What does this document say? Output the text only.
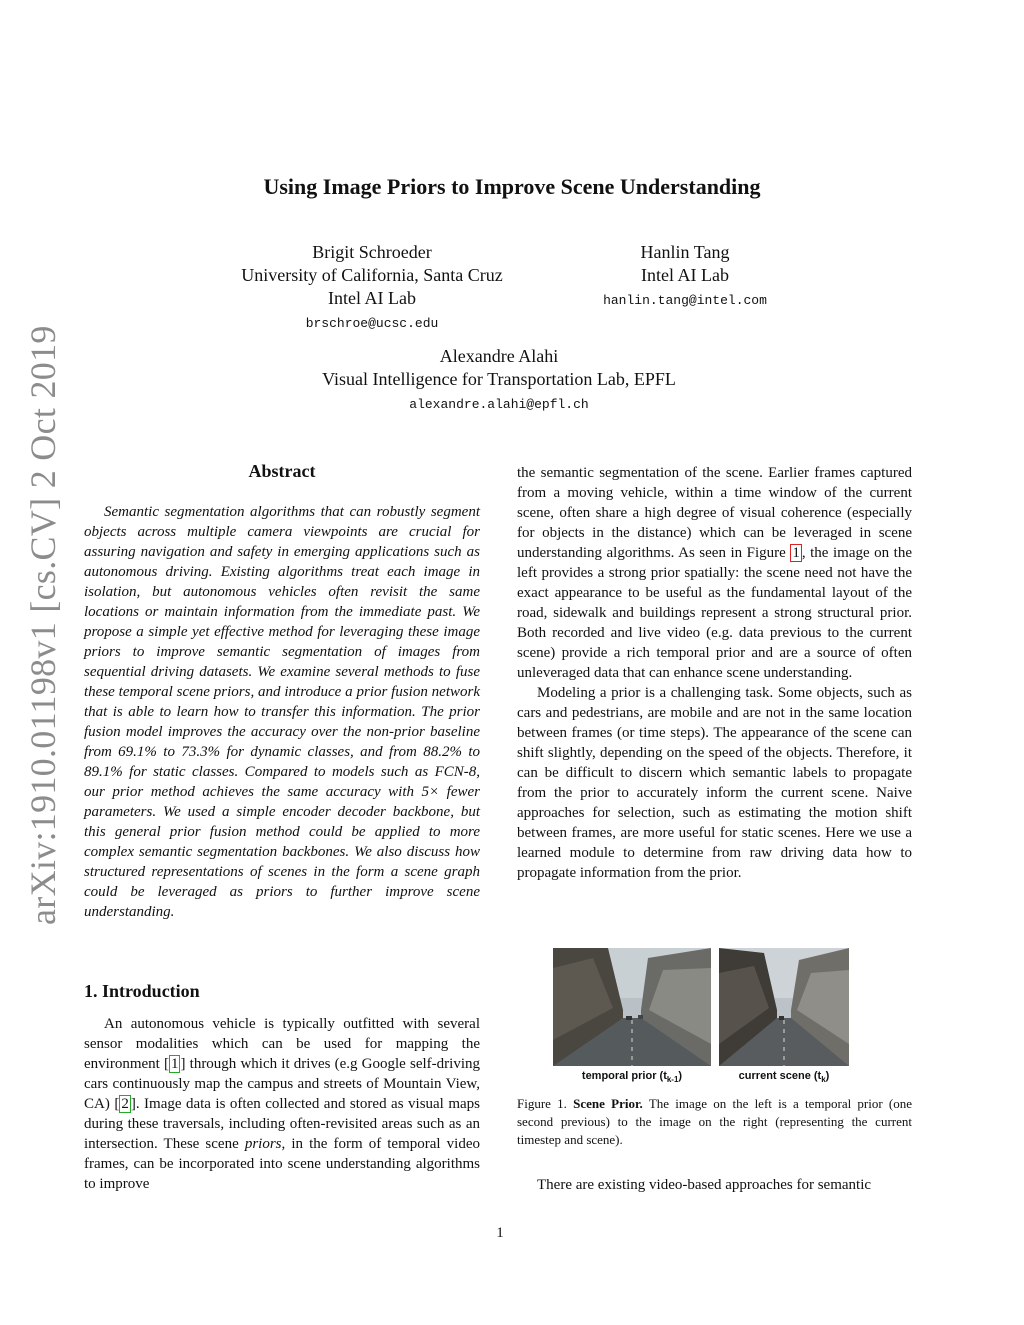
Using Image Priors to Improve Scene Understanding
Brigit Schroeder
University of California, Santa Cruz
Intel AI Lab
brschroe@ucsc.edu
Hanlin Tang
Intel AI Lab
hanlin.tang@intel.com
Alexandre Alahi
Visual Intelligence for Transportation Lab, EPFL
alexandre.alahi@epfl.ch
arXiv:1910.01198v1 [cs.CV] 2 Oct 2019	Abstract

Semantic segmentation algorithms that can robustly segment objects across multiple camera viewpoints are crucial for assuring navigation and safety in emerging applications such as autonomous driving. Existing algorithms treat each image in isolation, but autonomous vehicles often revisit the same locations or maintain information from the immediate past. We propose a simple yet effective method for leveraging these image priors to improve semantic segmentation of images from sequential driving datasets. We examine several methods to fuse these temporal scene priors, and introduce a prior fusion network that is able to learn how to transfer this information. The prior fusion model improves the accuracy over the non-prior baseline from 69.1% to 73.3% for dynamic classes, and from 88.2% to 89.1% for static classes. Compared to models such as FCN-8, our prior method achieves the same accuracy with 5× fewer parameters. We used a simple encoder decoder backbone, but this general prior fusion method could be applied to more complex semantic segmentation backbones. We also discuss how structured representations of scenes in the form a scene graph could be leveraged as priors to further improve scene understanding.

1. Introduction

An autonomous vehicle is typically outfitted with several sensor modalities which can be used for mapping the environment [ 1 ] through which it drives (e.g Google self-driving cars continuously map the campus and streets of Mountain View, CA) [ 2 ]. Image data is often collected and stored as visual maps during these traversals, including often-revisited areas such as an intersection. These scene priors, in the form of temporal video frames, can be incorporated into scene understanding algorithms to improve

the semantic segmentation of the scene. Earlier frames captured from a moving vehicle, within a time window of the current scene, often share a high degree of visual coherence (especially for objects in the distance) which can be leveraged in scene understanding algorithms. As seen in Figure 1 , the image on the left provides a strong prior spatially: the scene need not have the exact appearance to be useful as the fundamental layout of the road, sidewalk and buildings represent a strong structural prior. Both recorded and live video (e.g. data previous to the current scene) provide a rich temporal prior and are a source of often unleveraged data that can enhance scene understanding.

Modeling a prior is a challenging task. Some objects, such as cars and pedestrians, are mobile and are not in the same location between frames (or time steps). The appearance of the scene can shift slightly, depending on the speed of the objects. Therefore, it can be difficult to discern which semantic labels to propagate from the prior to accurately inform the current scene. Naive approaches for selection, such as estimating the motion shift between frames, are more useful for static scenes. Here we use a learned module to determine from raw driving data how to propagate information from the prior.

temporal prior $(t_{k-1})$	current scene $(t_k)$
Figure 1. Scene Prior. The image on the left is a temporal prior (one second previous) to the image on the right (representing the current timestep and scene).

There are existing video-based approaches for semantic

1
